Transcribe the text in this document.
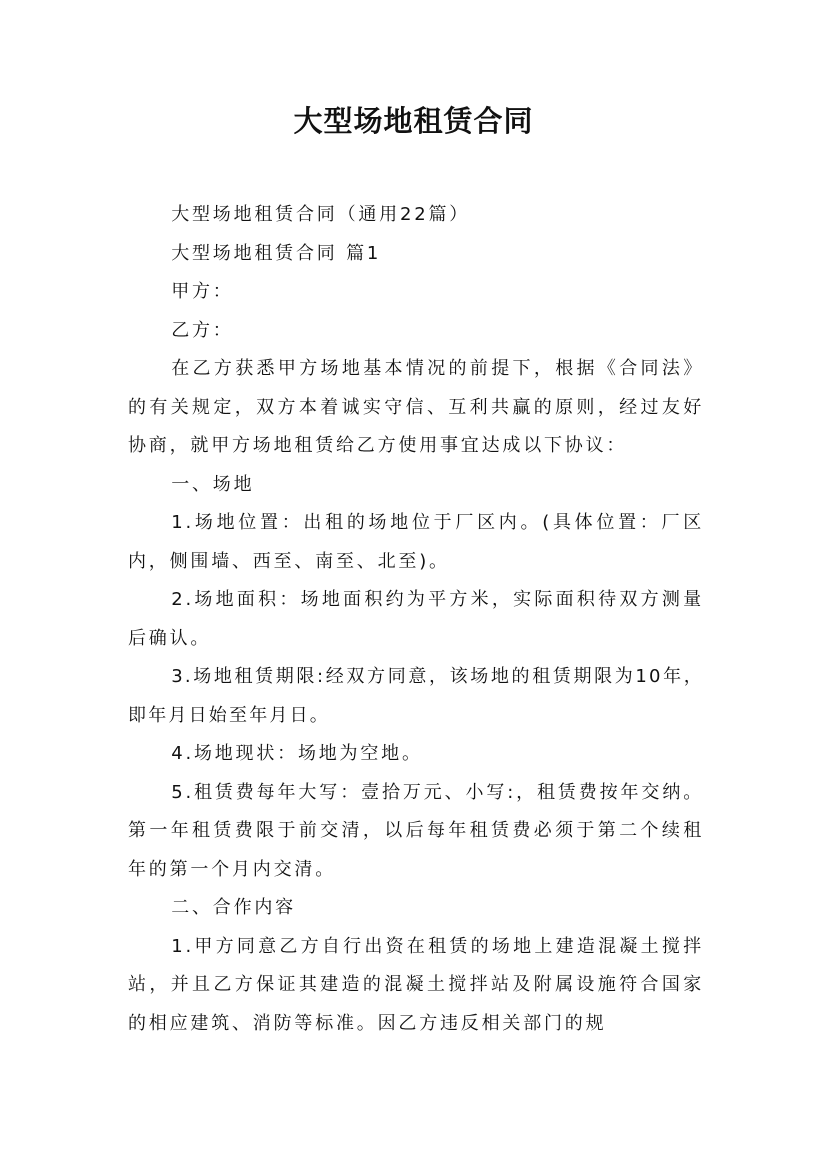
大型场地租赁合同

大型场地租赁合同（通用22篇）

大型场地租赁合同 篇1

甲方：

乙方：

在乙方获悉甲方场地基本情况的前提下，根据《合同法》的有关规定，双方本着诚实守信、互利共赢的原则，经过友好协商，就甲方场地租赁给乙方使用事宜达成以下协议：

一、场地

1.场地位置：出租的场地位于厂区内。(具体位置：厂区内，侧围墙、西至、南至、北至)。

2.场地面积：场地面积约为平方米，实际面积待双方测量后确认。

3.场地租赁期限:经双方同意，该场地的租赁期限为10年，即年月日始至年月日。

4.场地现状：场地为空地。

5.租赁费每年大写：壹拾万元、小写:，租赁费按年交纳。第一年租赁费限于前交清，以后每年租赁费必须于第二个续租年的第一个月内交清。

二、合作内容

1.甲方同意乙方自行出资在租赁的场地上建造混凝土搅拌站，并且乙方保证其建造的混凝土搅拌站及附属设施符合国家的相应建筑、消防等标准。因乙方违反相关部门的规
